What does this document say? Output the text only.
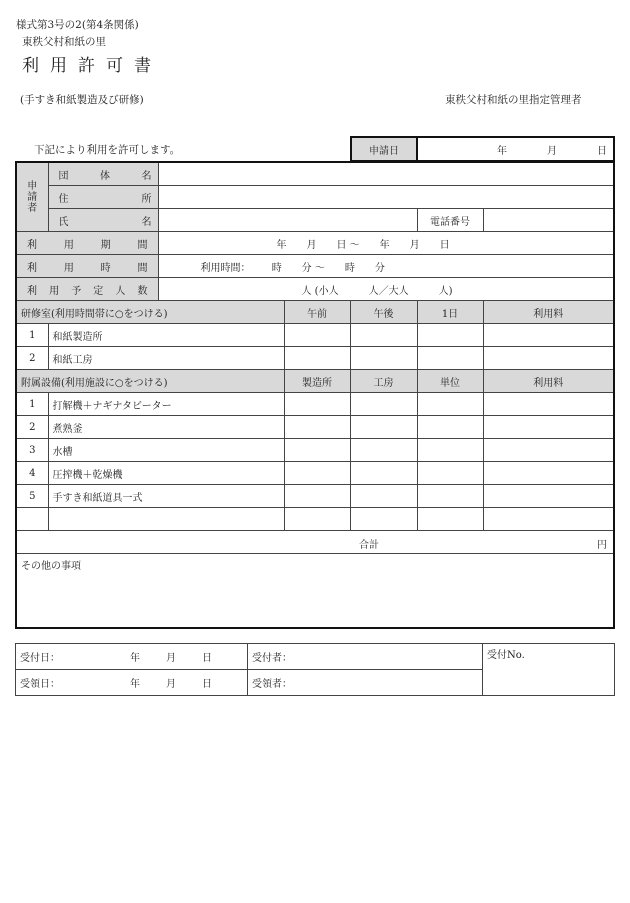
様式第3号の2(第4条関係)
東秩父村和紙の里
利用許可書
(手すき和紙製造及び研修)	東秩父村和紙の里指定管理者
下記により利用を許可します。	申請日	年	月	日
申請者	団体名					
	住所					
	氏名				電話番号	
利用期間		年　　月　　日 〜　　年　　月　　日				
利用時間		利用時間： 時　　分 〜　　時　　分				
利用予定人数		人 (小人　　　人／大人　　　人)				
研修室(利用時間帯に○をつける)			午前	午後	1日	利用料
1	和紙製造所					
2	和紙工房					
附属設備(利用施設に○をつける)			製造所	工房	単位	利用料
1	打解機＋ナギナタビーター					
2	煮熟釜					
3	水槽					
4	圧搾機＋乾燥機					
5	手すき和紙道具一式					

合計 円						

その他の事項						
受付日： 年 月 日	受付者：	受付No.

受領日： 年 月 日	受領者：	
